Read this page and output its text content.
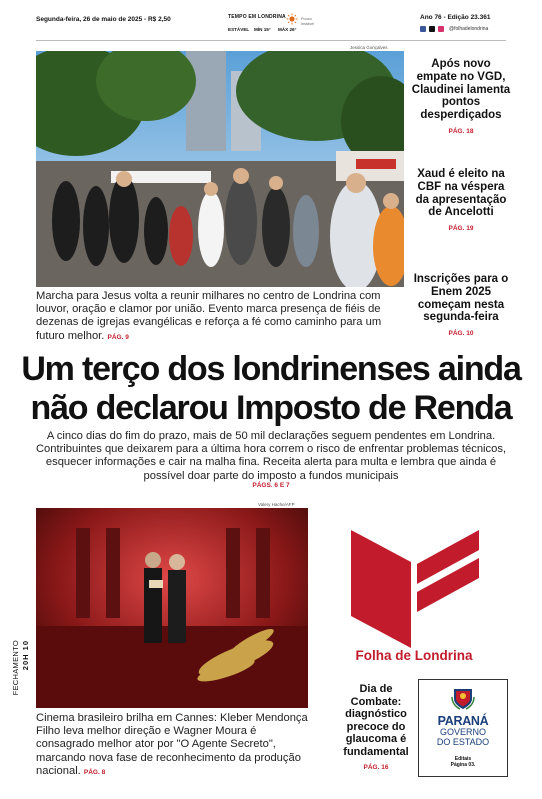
Segunda-feira, 26 de maio de 2025 - R$ 2,50	TEMPO EM LONDRINA
ESTÁVEL MÍN 15° MÁX 26°
Pouco Instável
Ano 76 - Edição 23.361
@folhadelondrina
Jessica Gonçalves
Marcha para Jesus volta a reunir milhares no centro de Londrina com louvor, oração e clamor por união. Evento marca presença de fiéis de dezenas de igrejas evangélicas e reforça a fé como caminho para um futuro melhor. PÁG. 9
Após novo empate no VGD, Claudinei lamenta pontos desperdiçados
PÁG. 18
Xaud é eleito na CBF na véspera da apresentação de Ancelotti
PÁG. 19
Inscrições para o Enem 2025 começam nesta segunda-feira
PÁG. 10
Um terço dos londrinenses ainda
não declarou Imposto de Renda
A cinco dias do fim do prazo, mais de 50 mil declarações seguem pendentes em Londrina. Contribuintes que deixarem para a última hora correm o risco de enfrentar problemas técnicos, esquecer informações e cair na malha fina. Receita alerta para multa e lembra que ainda é possível doar parte do imposto a fundos municipais
PÁGS. 6 E 7
Valery Hache/AFP
Cinema brasileiro brilha em Cannes: Kleber Mendonça Filho leva melhor direção e Wagner Moura é consagrado melhor ator por "O Agente Secreto", marcando nova fase de reconhecimento da produção nacional. PÁG. 8
FECHAMENTO 20H 10	Folha de Londrina
Dia de Combate: diagnóstico precoce do glaucoma é fundamental
PÁG. 16
PARANÁ
GOVERNO
DO ESTADO
Editais
Página 03.
